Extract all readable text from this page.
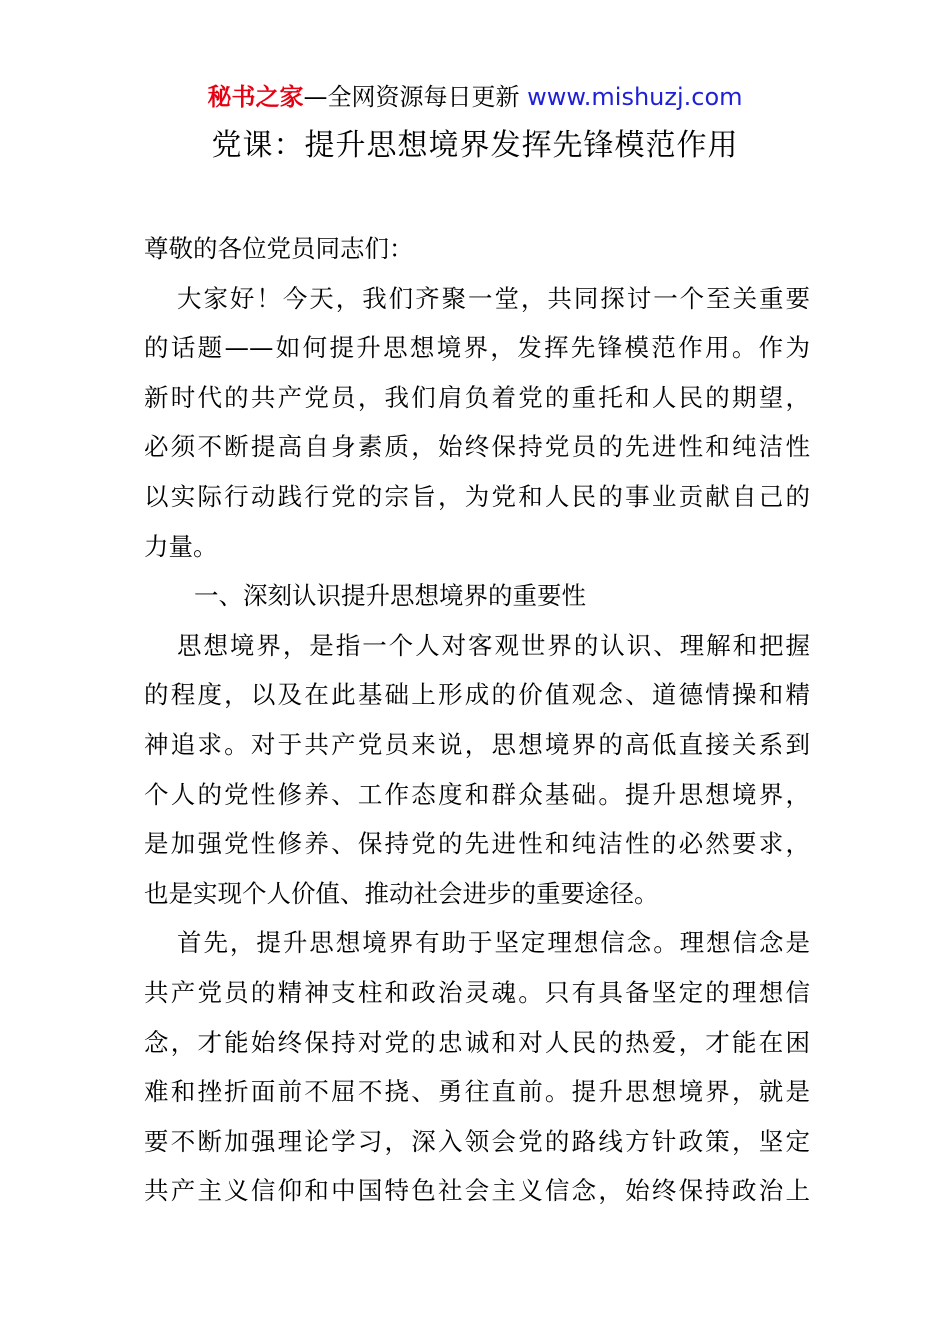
秘书之家—全网资源每日更新 www.mishuzj.com
党课：提升思想境界发挥先锋模范作用
尊敬的各位党员同志们：
大家好！今天，我们齐聚一堂，共同探讨一个至关重要
的话题——如何提升思想境界，发挥先锋模范作用。作为
新时代的共产党员，我们肩负着党的重托和人民的期望，
必须不断提高自身素质，始终保持党员的先进性和纯洁性
以实际行动践行党的宗旨，为党和人民的事业贡献自己的
力量。
一、深刻认识提升思想境界的重要性
思想境界，是指一个人对客观世界的认识、理解和把握
的程度，以及在此基础上形成的价值观念、道德情操和精
神追求。对于共产党员来说，思想境界的高低直接关系到
个人的党性修养、工作态度和群众基础。提升思想境界，
是加强党性修养、保持党的先进性和纯洁性的必然要求，
也是实现个人价值、推动社会进步的重要途径。
首先，提升思想境界有助于坚定理想信念。理想信念是
共产党员的精神支柱和政治灵魂。只有具备坚定的理想信
念，才能始终保持对党的忠诚和对人民的热爱，才能在困
难和挫折面前不屈不挠、勇往直前。提升思想境界，就是
要不断加强理论学习，深入领会党的路线方针政策，坚定
共产主义信仰和中国特色社会主义信念，始终保持政治上
